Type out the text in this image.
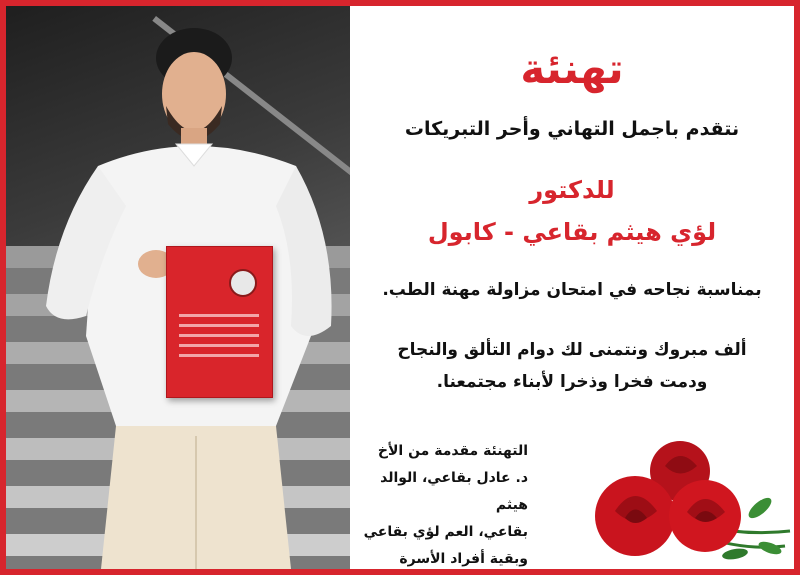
تهنئة
نتقدم باجمل التهاني وأحر التبريكات
للدكتور
لؤي هيثم بقاعي - كابول
بمناسبة نجاحه في امتحان مزاولة مهنة الطب.
ألف مبروك ونتمنى لك دوام التألق والنجاح
ودمت فخرا وذخرا لأبناء مجتمعنا.
التهنئة مقدمة من الأخ
د. عادل بقاعي، الوالد هيثم
بقاعي، العم لؤي بقاعي
وبقية أفراد الأسرة
